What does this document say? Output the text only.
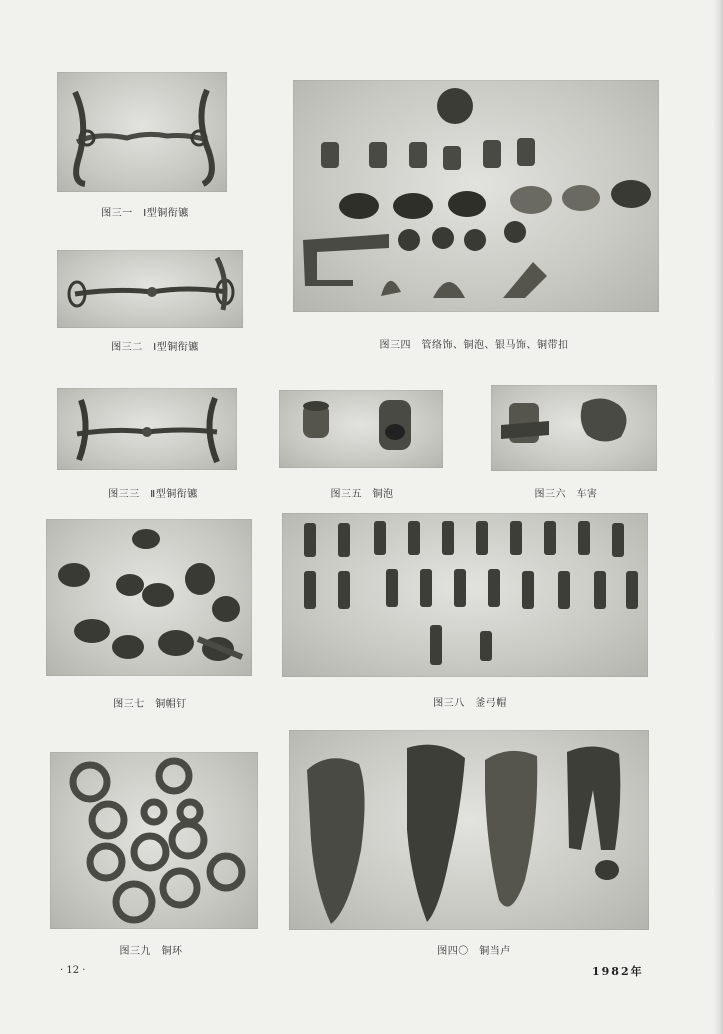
图三一　I型铜衔镳
图三二　I型铜衔镳
图三三　Ⅱ型铜衔镳
图三四　管络饰、铜泡、银马饰、铜带扣
图三五　铜泡	图三六　车害
图三七　铜帽钉	图三八　釜弓帽
图三九　铜环	图四〇　铜当卢
· 12 ·	1982年
